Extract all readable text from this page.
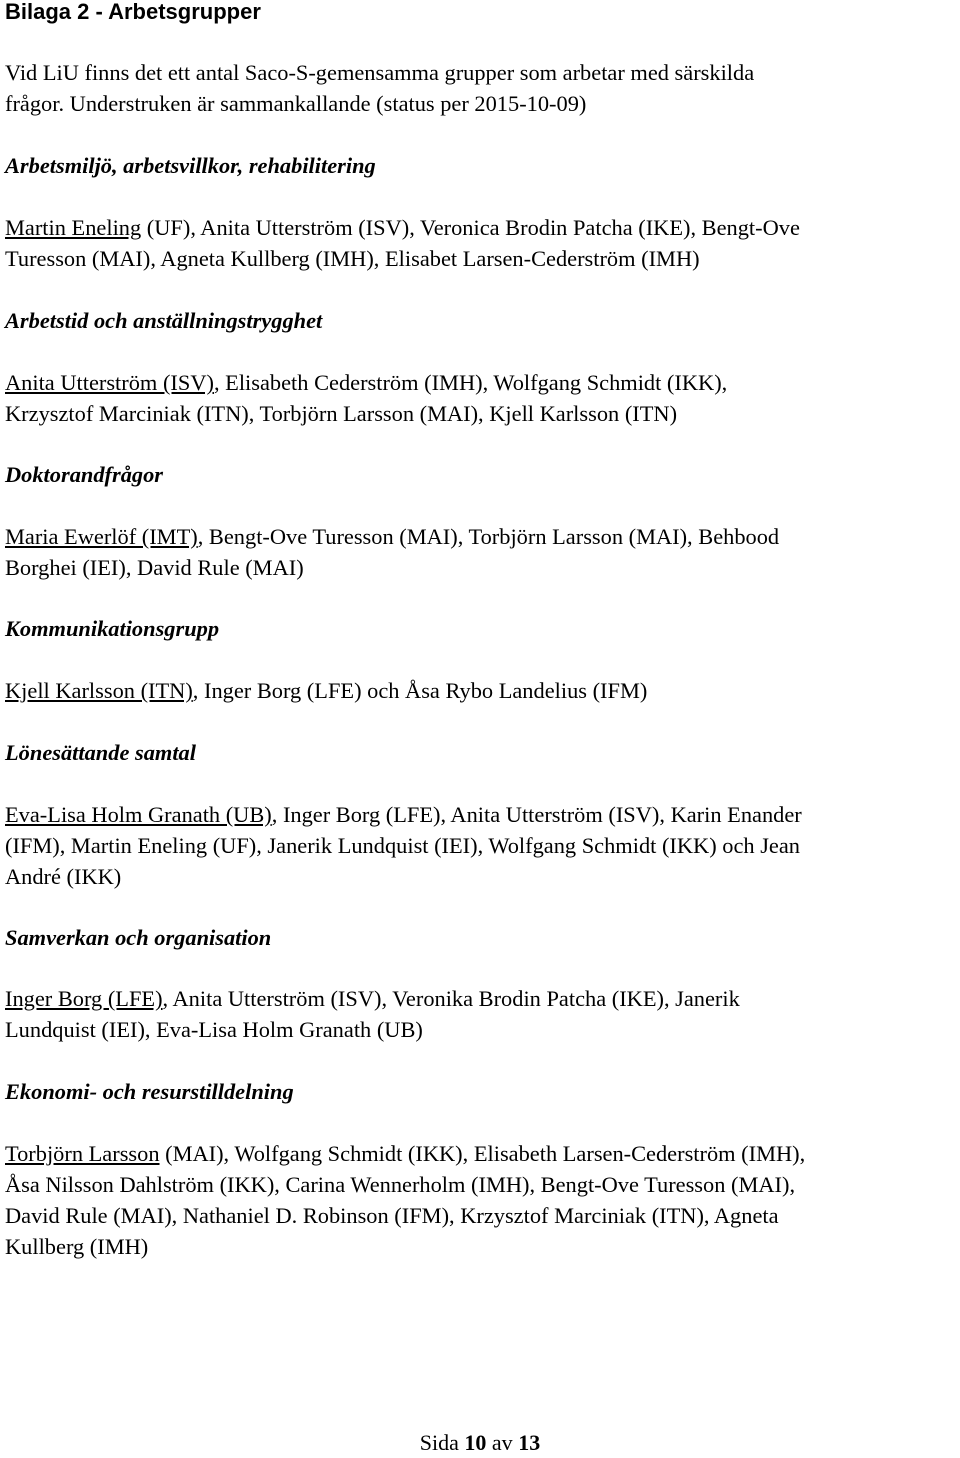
Bilaga 2 - Arbetsgrupper

Vid LiU finns det ett antal Saco-S-gemensamma grupper som arbetar med särskilda
frågor. Understruken är sammankallande (status per 2015-10-09)

Arbetsmiljö, arbetsvillkor, rehabilitering

Martin Eneling (UF), Anita Utterström (ISV), Veronica Brodin Patcha (IKE), Bengt-Ove
Turesson (MAI), Agneta Kullberg (IMH), Elisabet Larsen-Cederström (IMH)

Arbetstid och anställningstrygghet

Anita Utterström (ISV), Elisabeth Cederström (IMH), Wolfgang Schmidt (IKK),
Krzysztof Marciniak (ITN), Torbjörn Larsson (MAI), Kjell Karlsson (ITN)

Doktorandfrågor

Maria Ewerlöf (IMT), Bengt-Ove Turesson (MAI), Torbjörn Larsson (MAI), Behbood
Borghei (IEI), David Rule (MAI)

Kommunikationsgrupp

Kjell Karlsson (ITN), Inger Borg (LFE) och Åsa Rybo Landelius (IFM)

Lönesättande samtal

Eva-Lisa Holm Granath (UB), Inger Borg (LFE), Anita Utterström (ISV), Karin Enander
(IFM), Martin Eneling (UF), Janerik Lundquist (IEI), Wolfgang Schmidt (IKK) och Jean
André (IKK)

Samverkan och organisation

Inger Borg (LFE), Anita Utterström (ISV), Veronika Brodin Patcha (IKE), Janerik
Lundquist (IEI), Eva-Lisa Holm Granath (UB)

Ekonomi- och resurstilldelning

Torbjörn Larsson (MAI), Wolfgang Schmidt (IKK), Elisabeth Larsen-Cederström (IMH),
Åsa Nilsson Dahlström (IKK), Carina Wennerholm (IMH), Bengt-Ove Turesson (MAI),
David Rule (MAI), Nathaniel D. Robinson (IFM), Krzysztof Marciniak (ITN), Agneta
Kullberg (IMH)

Sida 10 av 13
